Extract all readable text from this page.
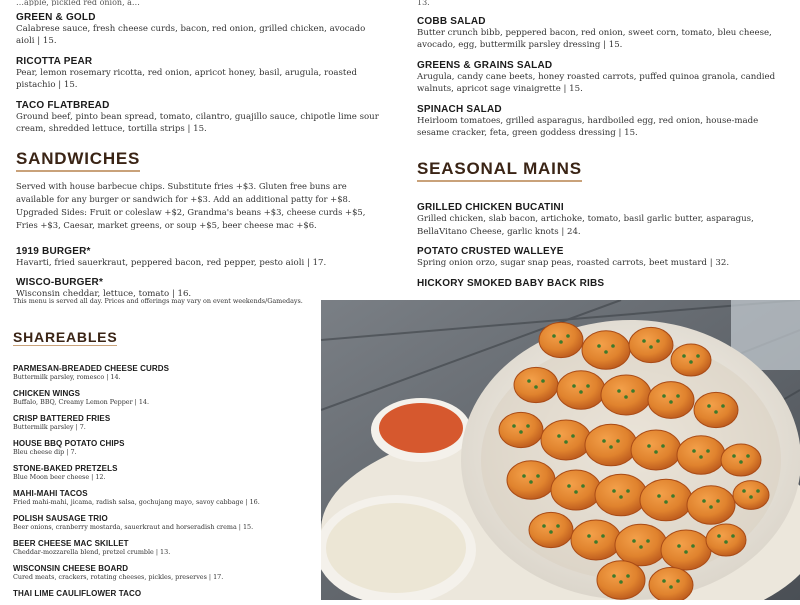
…apple, pickled red onion, a…

GREEN & GOLD

Calabrese sauce, fresh cheese curds, bacon, red onion, grilled chicken, avocado aioli | 15.

RICOTTA PEAR

Pear, lemon rosemary ricotta, red onion, apricot honey, basil, arugula, roasted pistachio | 15.

TACO FLATBREAD

Ground beef, pinto bean spread, tomato, cilantro, guajillo sauce, chipotle lime sour cream, shredded lettuce, tortilla strips | 15.

SANDWICHES

Served with house barbecue chips. Substitute fries +$3. Gluten free buns are available for any burger or sandwich for +$3. Add an additional patty for +$8. Upgraded Sides: Fruit or coleslaw +$2, Grandma's beans +$3, cheese curds +$5, Fries +$3, Caesar, market greens, or soup +$5, beer cheese mac +$6.

1919 BURGER*

Havarti, fried sauerkraut, peppered bacon, red pepper, pesto aioli | 17.

WISCO-BURGER*

Wisconsin cheddar, lettuce, tomato | 16.

13.

COBB SALAD

Butter crunch bibb, peppered bacon, red onion, sweet corn, tomato, bleu cheese, avocado, egg, buttermilk parsley dressing | 15.

GREENS & GRAINS SALAD

Arugula, candy cane beets, honey roasted carrots, puffed quinoa granola, candied walnuts, apricot sage vinaigrette | 15.

SPINACH SALAD

Heirloom tomatoes, grilled asparagus, hardboiled egg, red onion, house-made sesame cracker, feta, green goddess dressing | 15.

SEASONAL MAINS

GRILLED CHICKEN BUCATINI

Grilled chicken, slab bacon, artichoke, tomato, basil garlic butter, asparagus, BellaVitano Cheese, garlic knots | 24.

POTATO CRUSTED WALLEYE

Spring onion orzo, sugar snap peas, roasted carrots, beet mustard | 32.

HICKORY SMOKED BABY BACK RIBS

This menu is served all day. Prices and offerings may vary on event weekends/Gamedays.

SHAREABLES

PARMESAN-BREADED CHEESE CURDS

Buttermilk parsley, romesco | 14.

CHICKEN WINGS

Buffalo, BBQ, Creamy Lemon Pepper | 14.

CRISP BATTERED FRIES

Buttermilk parsley | 7.

HOUSE BBQ POTATO CHIPS

Bleu cheese dip | 7.

STONE-BAKED PRETZELS

Blue Moon beer cheese | 12.

MAHI-MAHI TACOS

Fried mahi-mahi, jicama, radish salsa, gochujang mayo, savoy cabbage | 16.

POLISH SAUSAGE TRIO

Beer onions, cranberry mostarda, sauerkraut and horseradish crema | 15.

BEER CHEESE MAC SKILLET

Cheddar-mozzarella blend, pretzel crumble | 13.

WISCONSIN CHEESE BOARD

Cured meats, crackers, rotating cheeses, pickles, preserves | 17.

THAI LIME CAULIFLOWER TACO
